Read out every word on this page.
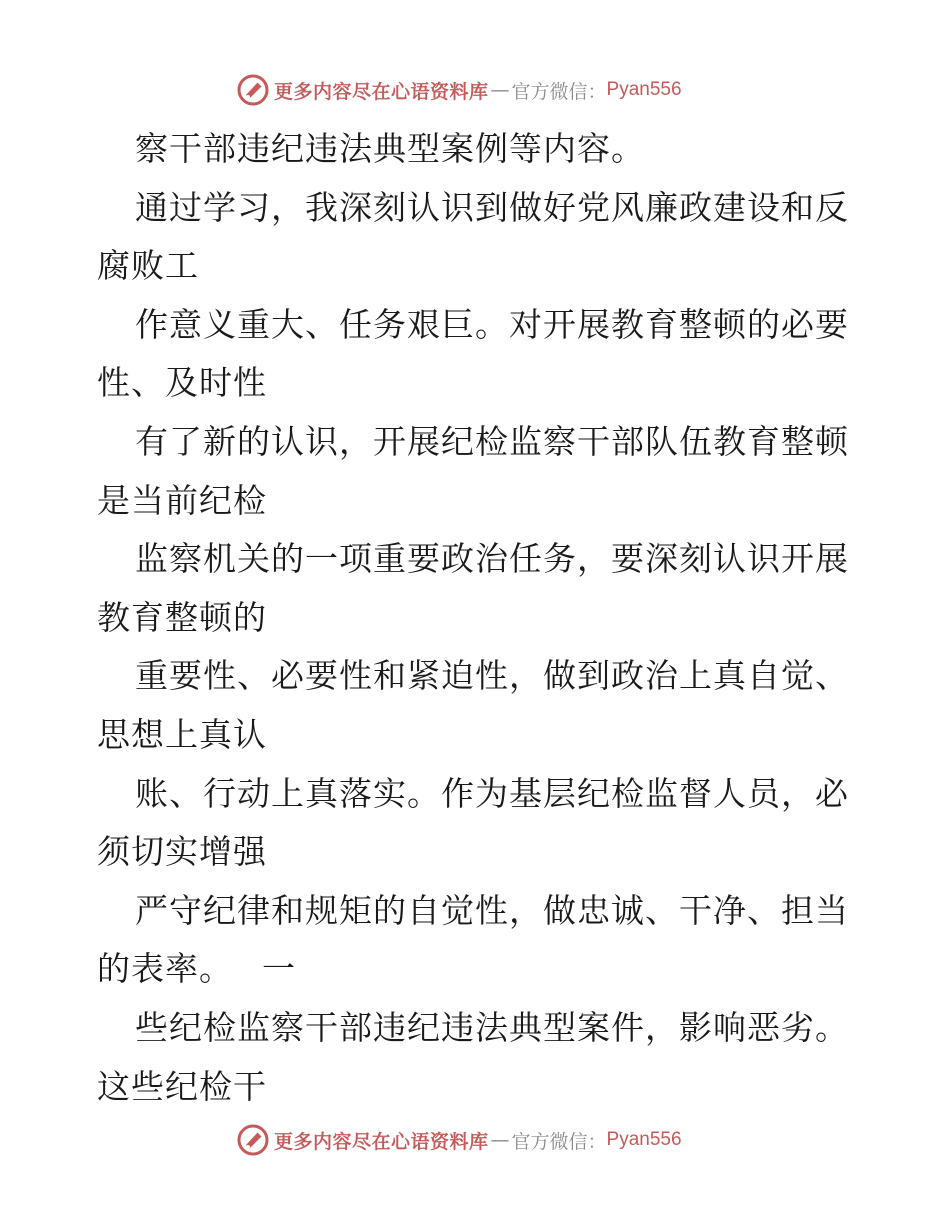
更多内容尽在心语资料库 — 官方微信： Pyan556
察干部违纪违法典型案例等内容。
通过学习，我深刻认识到做好党风廉政建设和反
腐败工
作意义重大、任务艰巨。对开展教育整顿的必要
性、及时性
有了新的认识，开展纪检监察干部队伍教育整顿
是当前纪检
监察机关的一项重要政治任务，要深刻认识开展
教育整顿的
重要性、必要性和紧迫性，做到政治上真自觉、
思想上真认
账、行动上真落实。作为基层纪检监督人员，必
须切实增强
严守纪律和规矩的自觉性，做忠诚、干净、担当
的表率。　 一
些纪检监察干部违纪违法典型案件，影响恶劣。
这些纪检干
更多内容尽在心语资料库 — 官方微信： Pyan556
